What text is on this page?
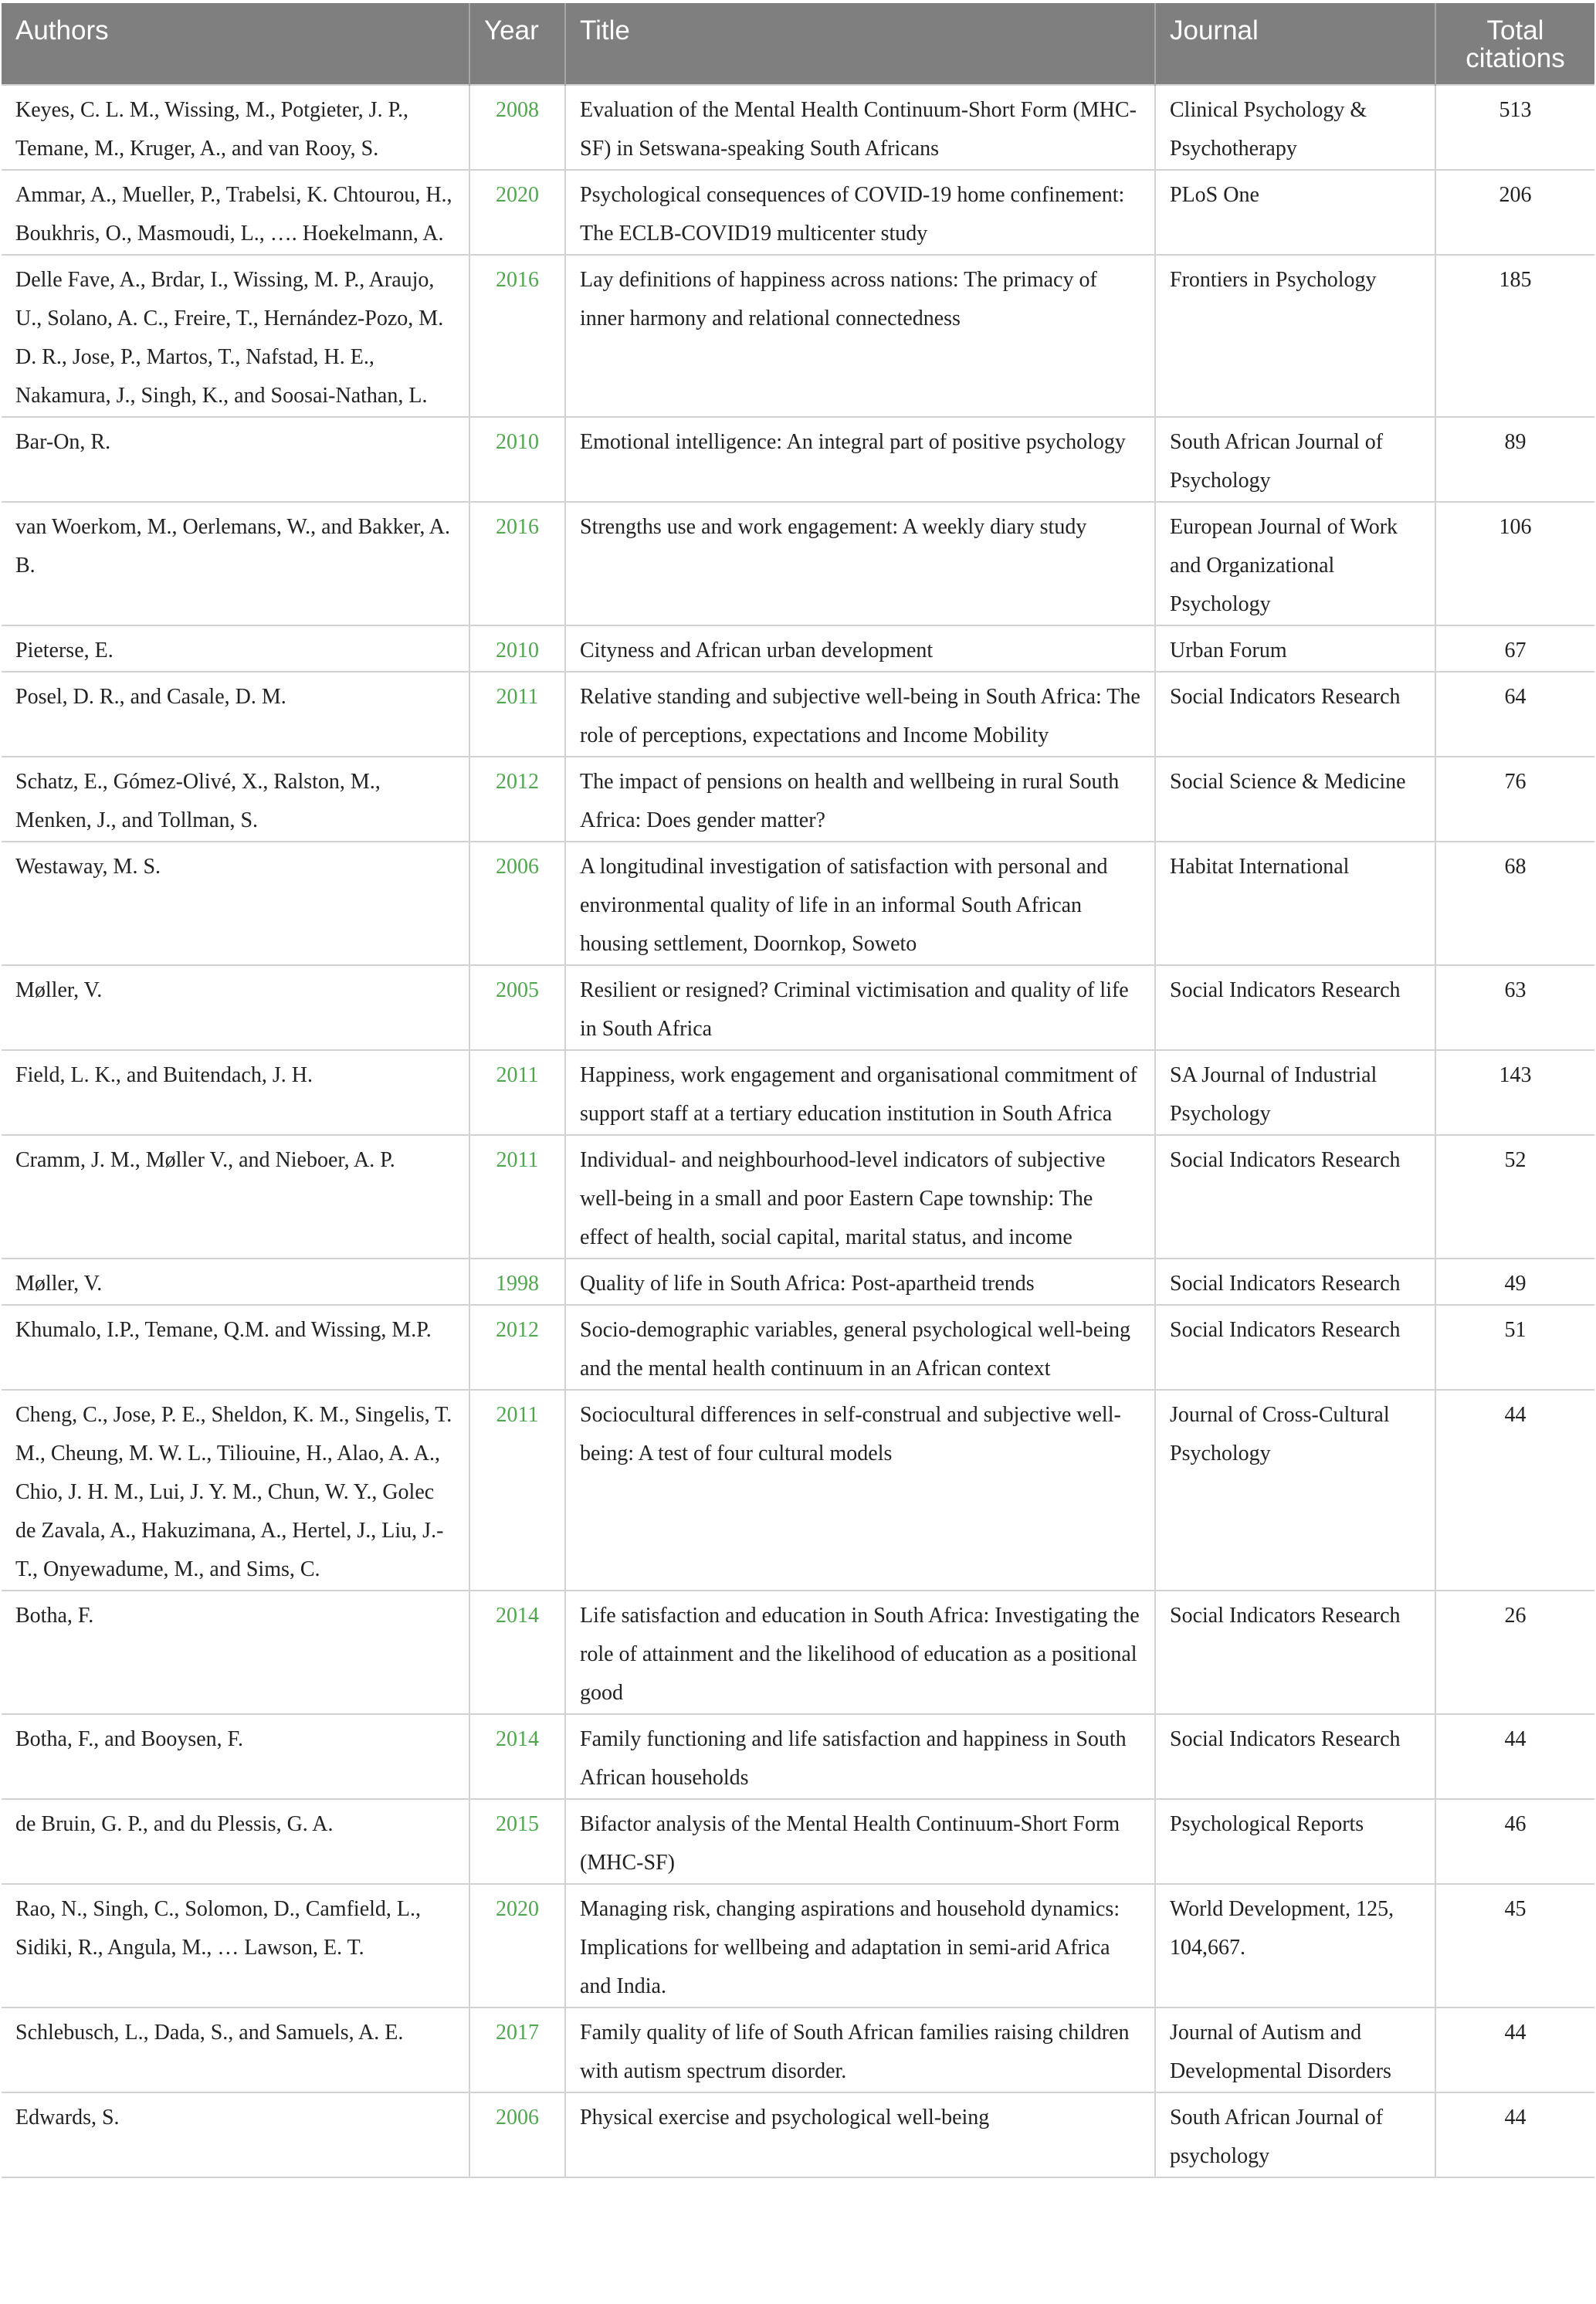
Authors	Year	Title	Journal	Total citations
Keyes, C. L. M., Wissing, M., Potgieter, J. P., Temane, M., Kruger, A., and van Rooy, S.	2008	Evaluation of the Mental Health Continuum-Short Form (MHC-SF) in Setswana-speaking South Africans	Clinical Psychology & Psychotherapy	513
Ammar, A., Mueller, P., Trabelsi, K. Chtourou, H., Boukhris, O., Masmoudi, L., …. Hoekelmann, A.	2020	Psychological consequences of COVID-19 home confinement: The ECLB-COVID19 multicenter study	PLoS One	206
Delle Fave, A., Brdar, I., Wissing, M. P., Araujo, U., Solano, A. C., Freire, T., Hernández-Pozo, M. D. R., Jose, P., Martos, T., Nafstad, H. E., Nakamura, J., Singh, K., and Soosai-Nathan, L.	2016	Lay definitions of happiness across nations: The primacy of inner harmony and relational connectedness	Frontiers in Psychology	185
Bar-On, R.	2010	Emotional intelligence: An integral part of positive psychology	South African Journal of Psychology	89
van Woerkom, M., Oerlemans, W., and Bakker, A. B.	2016	Strengths use and work engagement: A weekly diary study	European Journal of Work and Organizational Psychology	106
Pieterse, E.	2010	Cityness and African urban development	Urban Forum	67
Posel, D. R., and Casale, D. M.	2011	Relative standing and subjective well-being in South Africa: The role of perceptions, expectations and Income Mobility	Social Indicators Research	64
Schatz, E., Gómez-Olivé, X., Ralston, M., Menken, J., and Tollman, S.	2012	The impact of pensions on health and wellbeing in rural South Africa: Does gender matter?	Social Science & Medicine	76
Westaway, M. S.	2006	A longitudinal investigation of satisfaction with personal and environmental quality of life in an informal South African housing settlement, Doornkop, Soweto	Habitat International	68
Møller, V.	2005	Resilient or resigned? Criminal victimisation and quality of life in South Africa	Social Indicators Research	63
Field, L. K., and Buitendach, J. H.	2011	Happiness, work engagement and organisational commitment of support staff at a tertiary education institution in South Africa	SA Journal of Industrial Psychology	143
Cramm, J. M., Møller V., and Nieboer, A. P.	2011	Individual- and neighbourhood-level indicators of subjective well-being in a small and poor Eastern Cape township: The effect of health, social capital, marital status, and income	Social Indicators Research	52
Møller, V.	1998	Quality of life in South Africa: Post-apartheid trends	Social Indicators Research	49
Khumalo, I.P., Temane, Q.M. and Wissing, M.P.	2012	Socio-demographic variables, general psychological well-being and the mental health continuum in an African context	Social Indicators Research	51
Cheng, C., Jose, P. E., Sheldon, K. M., Singelis, T. M., Cheung, M. W. L., Tiliouine, H., Alao, A. A., Chio, J. H. M., Lui, J. Y. M., Chun, W. Y., Golec de Zavala, A., Hakuzimana, A., Hertel, J., Liu, J.-T., Onyewadume, M., and Sims, C.	2011	Sociocultural differences in self-construal and subjective well-being: A test of four cultural models	Journal of Cross-Cultural Psychology	44
Botha, F.	2014	Life satisfaction and education in South Africa: Investigating the role of attainment and the likelihood of education as a positional good	Social Indicators Research	26
Botha, F., and Booysen, F.	2014	Family functioning and life satisfaction and happiness in South African households	Social Indicators Research	44
de Bruin, G. P., and du Plessis, G. A.	2015	Bifactor analysis of the Mental Health Continuum-Short Form (MHC-SF)	Psychological Reports	46
Rao, N., Singh, C., Solomon, D., Camfield, L., Sidiki, R., Angula, M., … Lawson, E. T.	2020	Managing risk, changing aspirations and household dynamics: Implications for wellbeing and adaptation in semi-arid Africa and India.	World Development, 125, 104,667.	45
Schlebusch, L., Dada, S., and Samuels, A. E.	2017	Family quality of life of South African families raising children with autism spectrum disorder.	Journal of Autism and Developmental Disorders	44
Edwards, S.	2006	Physical exercise and psychological well-being	South African Journal of psychology	44
